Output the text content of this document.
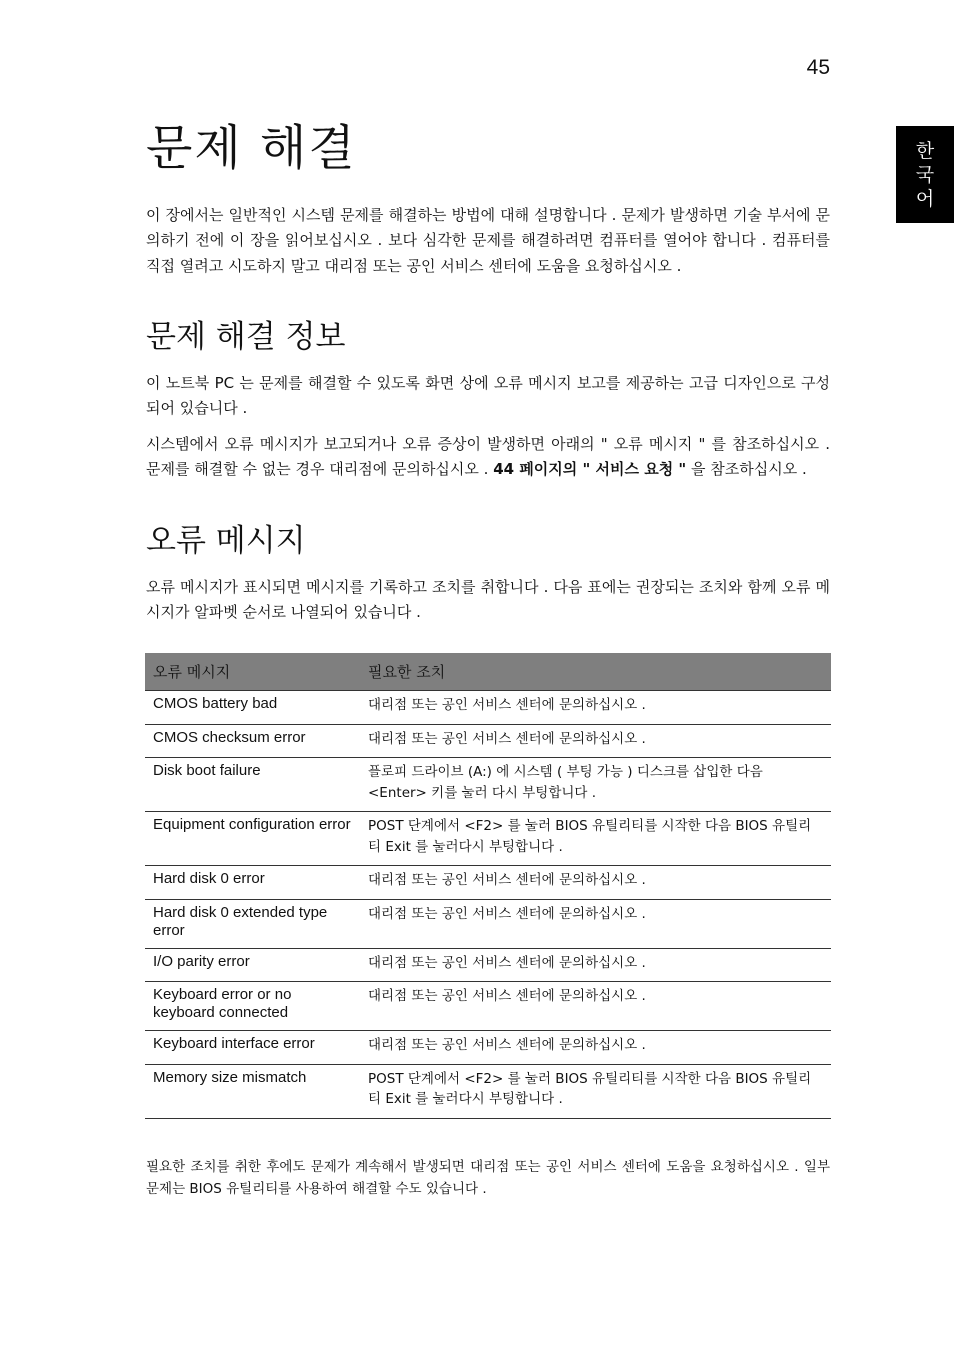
45
한
국
어
문제 해결

이 장에서는 일반적인 시스템 문제를 해결하는 방법에 대해 설명합니다 . 문제가 발생하면 기술 부서에 문의하기 전에 이 장을 읽어보십시오 . 보다 심각한 문제를 해결하려면 컴퓨터를 열어야 합니다 . 컴퓨터를 직접 열려고 시도하지 말고 대리점 또는 공인 서비스 센터에 도움을 요청하십시오 .

문제 해결 정보

이 노트북 PC 는 문제를 해결할 수 있도록 화면 상에 오류 메시지 보고를 제공하는 고급 디자인으로 구성되어 있습니다 .

시스템에서 오류 메시지가 보고되거나 오류 증상이 발생하면 아래의 " 오류 메시지 " 를 참조하십시오 . 문제를 해결할 수 없는 경우 대리점에 문의하십시오 . 44 페이지의 " 서비스 요청 " 을 참조하십시오 .

오류 메시지

오류 메시지가 표시되면 메시지를 기록하고 조치를 취합니다 . 다음 표에는 권장되는 조치와 함께 오류 메시지가 알파벳 순서로 나열되어 있습니다 .

오류 메시지	필요한 조치
CMOS battery bad	대리점 또는 공인 서비스 센터에 문의하십시오 .
CMOS checksum error	대리점 또는 공인 서비스 센터에 문의하십시오 .
Disk boot failure	플로피 드라이브 (A:) 에 시스템 ( 부팅 가능 ) 디스크를 삽입한 다음 <Enter> 키를 눌러 다시 부팅합니다 .
Equipment configuration error	POST 단계에서 <F2> 를 눌러 BIOS 유틸리티를 시작한 다음 BIOS 유틸리티 Exit 를 눌러다시 부팅합니다 .
Hard disk 0 error	대리점 또는 공인 서비스 센터에 문의하십시오 .
Hard disk 0 extended type error	대리점 또는 공인 서비스 센터에 문의하십시오 .
I/O parity error	대리점 또는 공인 서비스 센터에 문의하십시오 .
Keyboard error or no keyboard connected	대리점 또는 공인 서비스 센터에 문의하십시오 .
Keyboard interface error	대리점 또는 공인 서비스 센터에 문의하십시오 .
Memory size mismatch	POST 단계에서 <F2> 를 눌러 BIOS 유틸리티를 시작한 다음 BIOS 유틸리티 Exit 를 눌러다시 부팅합니다 .

필요한 조치를 취한 후에도 문제가 계속해서 발생되면 대리점 또는 공인 서비스 센터에 도움을 요청하십시오 . 일부 문제는 BIOS 유틸리티를 사용하여 해결할 수도 있습니다 .
